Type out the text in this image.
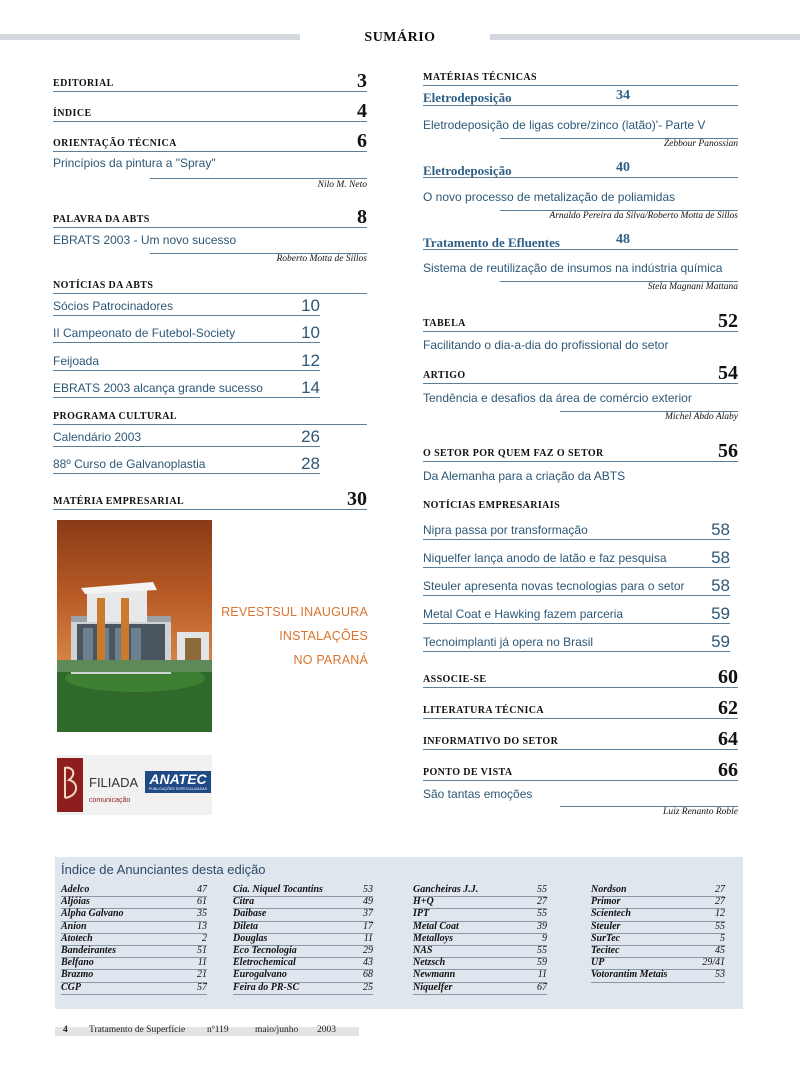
SUMÁRIO
EDITORIAL	3
ÍNDICE	4
ORIENTAÇÃO TÉCNICA	6
Princípios da pintura a "Spray"
Nilo M. Neto
PALAVRA DA ABTS	8
EBRATS 2003 - Um novo sucesso
Roberto Motta de Sillos
NOTÍCIAS DA ABTS
Sócios Patrocinadores	10
II Campeonato de Futebol-Society	10
Feijoada	12
EBRATS 2003 alcança grande sucesso 14
PROGRAMA CULTURAL
Calendário 2003	26
88º Curso de Galvanoplastia	28
MATÉRIA EMPRESARIAL	30
REVESTSUL INAUGURA
INSTALAÇÕES
NO PARANÁ
FILIADA ANATEC
PUBLICAÇÕES ESPECIALIZADAS
comunicação
MATÉRIAS TÉCNICAS
Eletrodeposição	34
Eletrodeposição de ligas cobre/zinco (latão)'- Parte V
Zebbour Panossian
Eletrodeposição	40
O novo processo de metalização de poliamidas
Arnaldo Pereira da Silva/Roberto Motta de Sillos
Tratamento de Efluentes	48
Sistema de reutilização de insumos na indústria química
Stela Magnani Mattana
TABELA	52
Facilitando o dia-a-dia do profissional do setor
ARTIGO	54
Tendência e desafios da área de comércio exterior
Michel Abdo Alaby
O SETOR POR QUEM FAZ O SETOR	56
Da Alemanha para a criação da ABTS
NOTÍCIAS EMPRESARIAIS
Nipra passa por transformação	58
Niquelfer lança anodo de latão e faz pesquisa	58
Steuler apresenta novas tecnologias para o setor 58
Metal Coat e Hawking fazem parceria	59
Tecnoimplanti já opera no Brasil	59
ASSOCIE-SE	60
LITERATURA TÉCNICA	62
INFORMATIVO DO SETOR	64
PONTO DE VISTA	66
São tantas emoções
Luiz Renanto Roble
Índice de Anunciantes desta edição
Adelco	47
Aljóias	61
Alpha Galvano	35
Anion	13
Atotech	2
Bandeirantes	51
Belfano	11
Brazmo	21
CGP	57
Cia. Niquel Tocantins	53
Citra	49
Daibase	37
Dileta	17
Douglas	11
Eco Tecnologia	29
Eletrochemical	43
Eurogalvano	68
Feira do PR-SC	25
Gancheiras J.J.	55
H+Q	27
IPT	55
Metal Coat	39
Metalloys	9
NAS	55
Netzsch	59
Newmann	11
Niquelfer	67
Nordson	27
Primor	27
Scientech	12
Steuler	55
SurTec	5
Tecitec	45
UP	29/41
Votorantim Metais	53
4 Tratamento de Superfície nº119	maio/junho 2003
